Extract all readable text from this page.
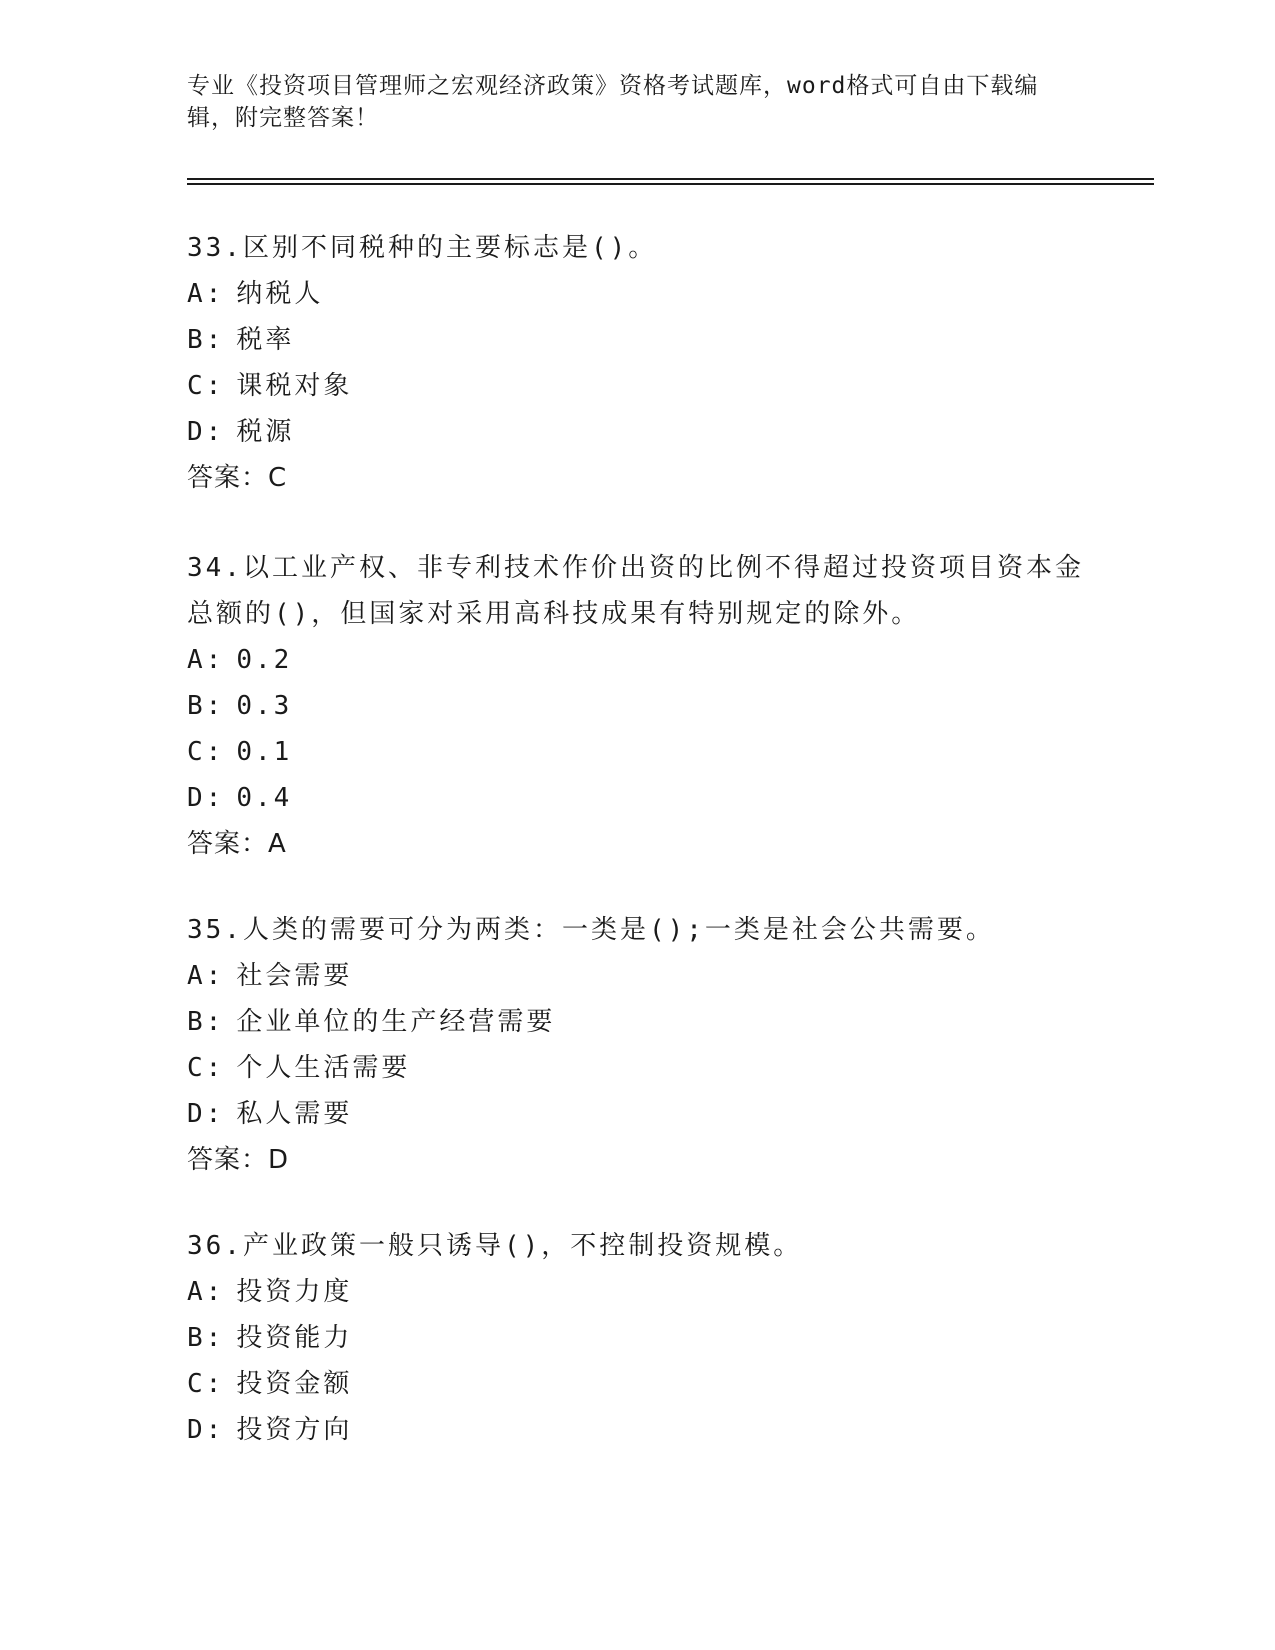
专业《投资项目管理师之宏观经济政策》资格考试题库，word格式可自由下载编
辑，附完整答案！

33.区别不同税种的主要标志是()。

A: 纳税人

B: 税率

C: 课税对象

D: 税源

答案：C

34.以工业产权、非专利技术作价出资的比例不得超过投资项目资本金

总额的()，但国家对采用高科技成果有特别规定的除外。

A: 0.2

B: 0.3

C: 0.1

D: 0.4

答案：A

35.人类的需要可分为两类：一类是();一类是社会公共需要。

A: 社会需要

B: 企业单位的生产经营需要

C: 个人生活需要

D: 私人需要

答案：D

36.产业政策一般只诱导()，不控制投资规模。

A: 投资力度

B: 投资能力

C: 投资金额

D: 投资方向
